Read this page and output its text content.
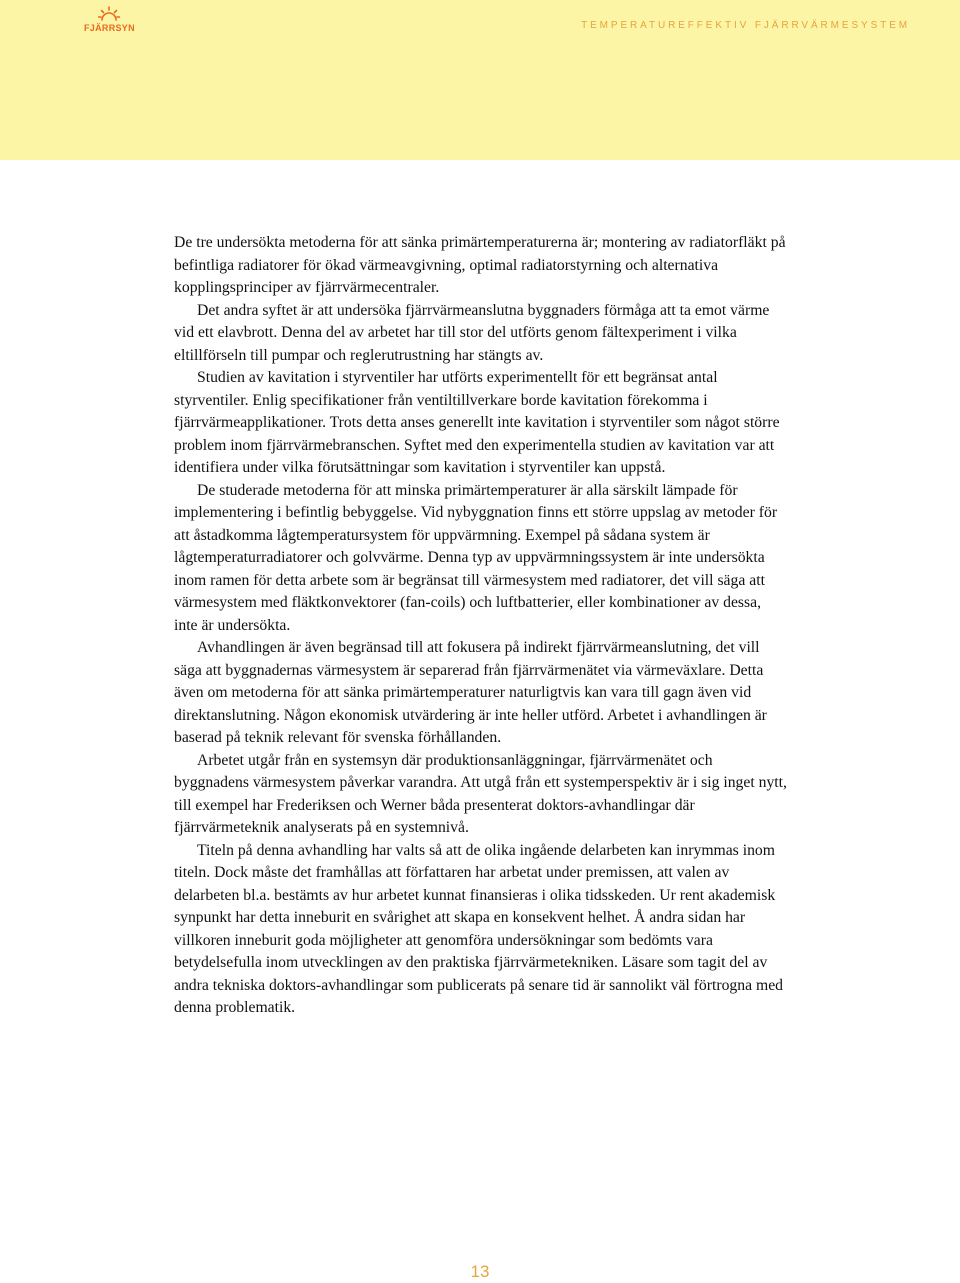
FJÄRRSYN	TEMPERATUREFFEKTIV FJÄRRVÄRMESYSTEM

De tre undersökta metoderna för att sänka primärtemperaturerna är; montering av radiatorfläkt på befintliga radiatorer för ökad värmeavgivning, optimal radiatorstyrning och alternativa kopplingsprinciper av fjärrvärmecentraler.

Det andra syftet är att undersöka fjärrvärmeanslutna byggnaders förmåga att ta emot värme vid ett elavbrott. Denna del av arbetet har till stor del utförts genom fältexperiment i vilka eltillförseln till pumpar och reglerutrustning har stängts av.

Studien av kavitation i styrventiler har utförts experimentellt för ett begränsat antal styrventiler. Enlig specifikationer från ventiltillverkare borde kavitation förekomma i fjärrvärmeapplikationer. Trots detta anses generellt inte kavitation i styrventiler som något större problem inom fjärrvärmebranschen. Syftet med den experimentella studien av kavitation var att identifiera under vilka förutsättningar som kavitation i styrventiler kan uppstå.

De studerade metoderna för att minska primärtemperaturer är alla särskilt lämpade för implementering i befintlig bebyggelse. Vid nybyggnation finns ett större uppslag av metoder för att åstadkomma lågtemperatursystem för uppvärmning. Exempel på sådana system är lågtemperaturradiatorer och golvvärme. Denna typ av uppvärmningssystem är inte undersökta inom ramen för detta arbete som är begränsat till värmesystem med radiatorer, det vill säga att värmesystem med fläktkonvektorer (fan-coils) och luftbatterier, eller kombinationer av dessa, inte är undersökta.

Avhandlingen är även begränsad till att fokusera på indirekt fjärrvärmeanslutning, det vill säga att byggnadernas värmesystem är separerad från fjärrvärmenätet via värmeväxlare. Detta även om metoderna för att sänka primärtemperaturer naturligtvis kan vara till gagn även vid direktanslutning. Någon ekonomisk utvärdering är inte heller utförd. Arbetet i avhandlingen är baserad på teknik relevant för svenska förhållanden.

Arbetet utgår från en systemsyn där produktionsanläggningar, fjärrvärmenätet och byggnadens värmesystem påverkar varandra. Att utgå från ett systemperspektiv är i sig inget nytt, till exempel har Frederiksen och Werner båda presenterat doktors-avhandlingar där fjärrvärmeteknik analyserats på en systemnivå.

Titeln på denna avhandling har valts så att de olika ingående delarbeten kan inrymmas inom titeln. Dock måste det framhållas att författaren har arbetat under premissen, att valen av delarbeten bl.a. bestämts av hur arbetet kunnat finansieras i olika tidsskeden. Ur rent akademisk synpunkt har detta inneburit en svårighet att skapa en konsekvent helhet. Å andra sidan har villkoren inneburit goda möjligheter att genomföra undersökningar som bedömts vara betydelsefulla inom utvecklingen av den praktiska fjärrvärmetekniken. Läsare som tagit del av andra tekniska doktors-avhandlingar som publicerats på senare tid är sannolikt väl förtrogna med denna problematik.

13
